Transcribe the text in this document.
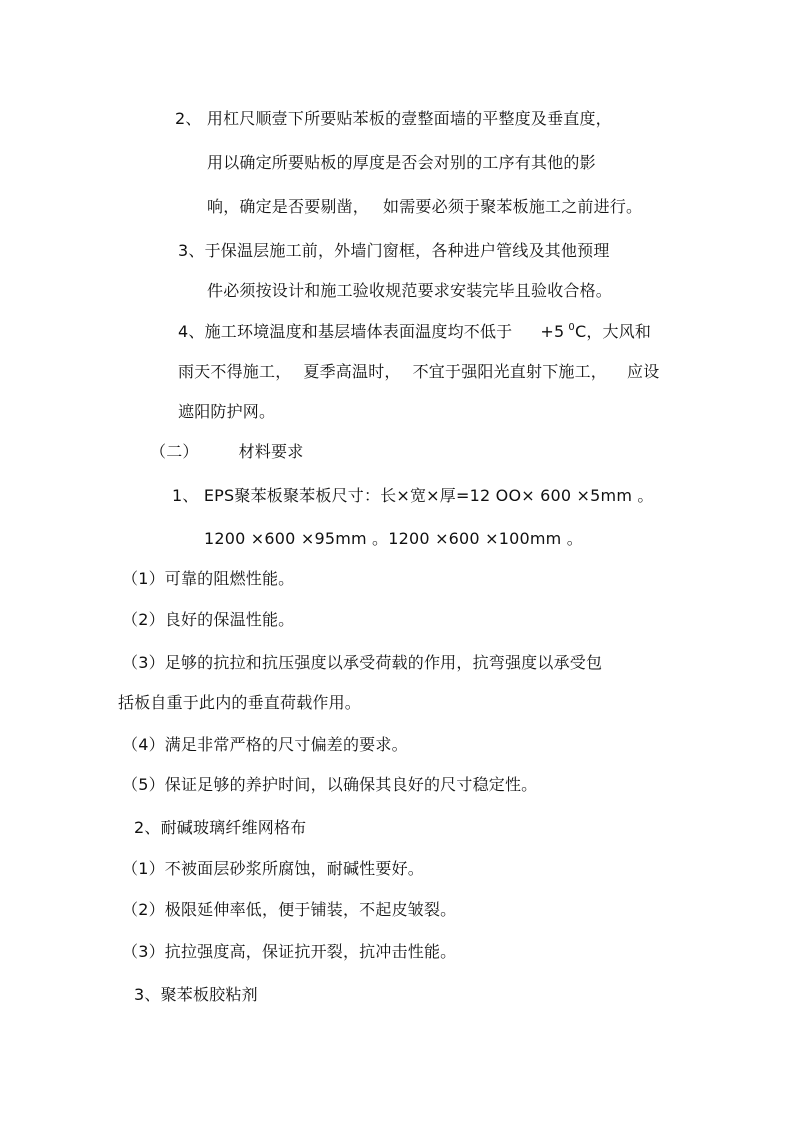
2、 用杠尺顺壹下所要贴苯板的壹整面墙的平整度及垂直度，
用以确定所要贴板的厚度是否会对别的工序有其他的影
响，确定是否要剔凿， 如需要必须于聚苯板施工之前进行。
3、于保温层施工前，外墙门窗框，各种进户管线及其他预理
件必须按设计和施工验收规范要求安装完毕且验收合格。
4、施工环境温度和基层墙体表面温度均不低于 +5 $^0$C，大风和
雨天不得施工， 夏季高温时， 不宜于强阳光直射下施工， 应设
遮阳防护网。
（二）	材料要求
1、 EPS聚苯板聚苯板尺寸：长×宽×厚=12 OO× 600 ×5mm 。
1200 ×600 ×95mm 。1200 ×600 ×100mm 。
（1）可靠的阻燃性能。
（2）良好的保温性能。
（3）足够的抗拉和抗压强度以承受荷载的作用，抗弯强度以承受包
括板自重于此内的垂直荷载作用。
（4）满足非常严格的尺寸偏差的要求。
（5）保证足够的养护时间，以确保其良好的尺寸稳定性。
2、耐碱玻璃纤维网格布
（1）不被面层砂浆所腐蚀，耐碱性要好。
（2）极限延伸率低，便于铺装，不起皮皱裂。
（3）抗拉强度高，保证抗开裂，抗冲击性能。
3、聚苯板胶粘剂
